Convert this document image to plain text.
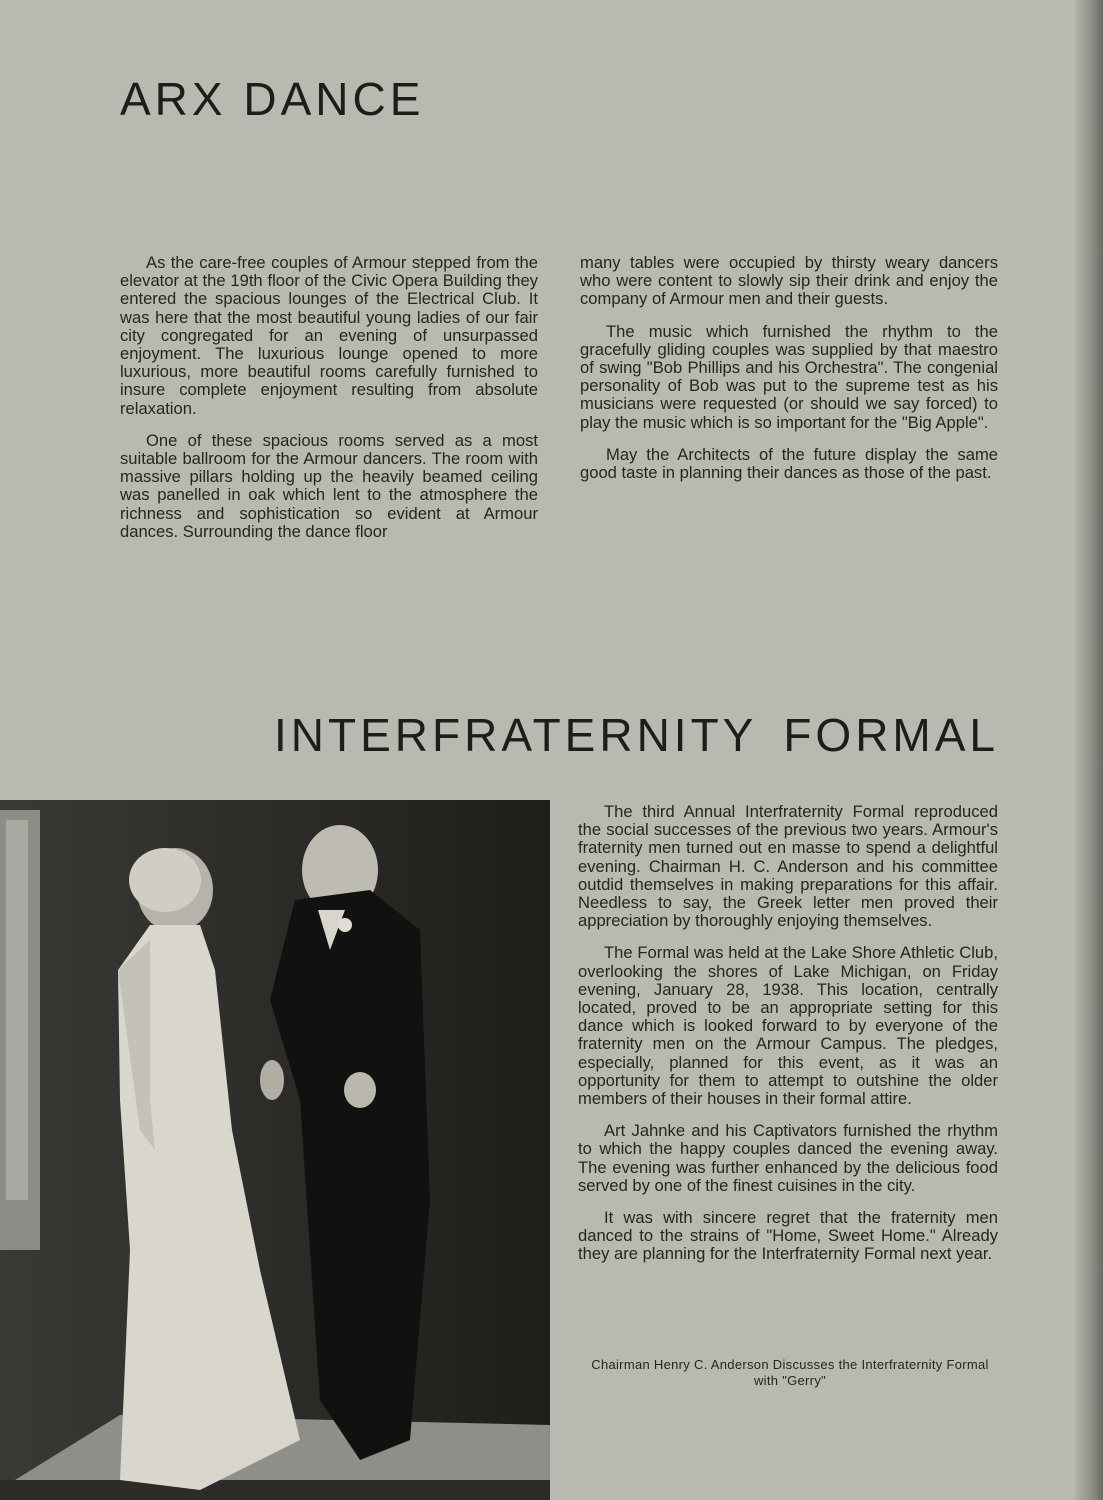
ARX DANCE

As the care-free couples of Armour stepped from the elevator at the 19th floor of the Civic Opera Building they entered the spacious lounges of the Electrical Club. It was here that the most beautiful young ladies of our fair city congregated for an evening of unsurpassed enjoyment. The luxurious lounge opened to more luxurious, more beautiful rooms carefully furnished to insure complete enjoyment resulting from absolute relaxation.

One of these spacious rooms served as a most suitable ballroom for the Armour dancers. The room with massive pillars holding up the heavily beamed ceiling was panelled in oak which lent to the atmosphere the richness and sophistication so evident at Armour dances. Surrounding the dance floor

many tables were occupied by thirsty weary dancers who were content to slowly sip their drink and enjoy the company of Armour men and their guests.

The music which furnished the rhythm to the gracefully gliding couples was supplied by that maestro of swing "Bob Phillips and his Orchestra". The congenial personality of Bob was put to the supreme test as his musicians were requested (or should we say forced) to play the music which is so important for the "Big Apple".

May the Architects of the future display the same good taste in planning their dances as those of the past.

INTERFRATERNITY FORMAL

The third Annual Interfraternity Formal reproduced the social successes of the previous two years. Armour's fraternity men turned out en masse to spend a delightful evening. Chairman H. C. Anderson and his committee outdid themselves in making preparations for this affair. Needless to say, the Greek letter men proved their appreciation by thoroughly enjoying themselves.

The Formal was held at the Lake Shore Athletic Club, overlooking the shores of Lake Michigan, on Friday evening, January 28, 1938. This location, centrally located, proved to be an appropriate setting for this dance which is looked forward to by everyone of the fraternity men on the Armour Campus. The pledges, especially, planned for this event, as it was an opportunity for them to attempt to outshine the older members of their houses in their formal attire.

Art Jahnke and his Captivators furnished the rhythm to which the happy couples danced the evening away. The evening was further enhanced by the delicious food served by one of the finest cuisines in the city.

It was with sincere regret that the fraternity men danced to the strains of "Home, Sweet Home." Already they are planning for the Interfraternity Formal next year.

Chairman Henry C. Anderson Discusses the Interfraternity Formal with "Gerry"
